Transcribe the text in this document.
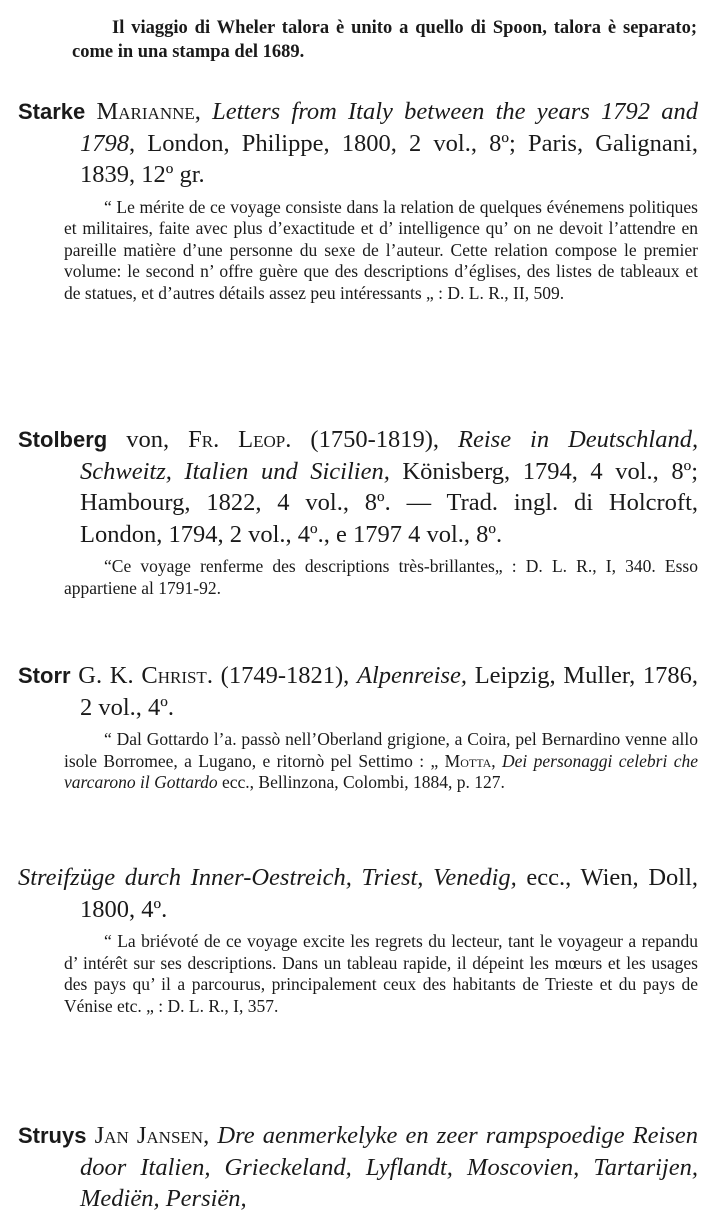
Il viaggio di Wheler talora è unito a quello di Spoon, talora è separato; come in una stampa del 1689.
Starke Marianne, Letters from Italy between the years 1792 and 1798, London, Philippe, 1800, 2 vol., 8º; Paris, Galignani, 1839, 12º gr.
“ Le mérite de ce voyage consiste dans la relation de quelques événemens politiques et militaires, faite avec plus d’exactitude et d’ intelligence qu’ on ne devoit l’attendre en pareille matière d’une personne du sexe de l’auteur. Cette relation compose le premier volume: le second n’ offre guère que des descriptions d’églises, des listes de tableaux et de statues, et d’autres détails assez peu intéressants „ : D. L. R., II, 509.
Stolberg von, Fr. Leop. (1750-1819), Reise in Deutschland, Schweitz, Italien und Sicilien, Könisberg, 1794, 4 vol., 8º; Hambourg, 1822, 4 vol., 8º. — Trad. ingl. di Holcroft, London, 1794, 2 vol., 4º., e 1797 4 vol., 8º.
“Ce voyage renferme des descriptions très-brillantes„ : D. L. R., I, 340. Esso appartiene al 1791-92.
Storr G. K. Christ. (1749-1821), Alpenreise, Leipzig, Muller, 1786, 2 vol., 4º.
“ Dal Gottardo l’a. passò nell’Oberland grigione, a Coira, pel Bernardino venne allo isole Borromee, a Lugano, e ritornò pel Settimo : „ Motta, Dei personaggi celebri che varcarono il Gottardo ecc., Bellinzona, Colombi, 1884, p. 127.
Streifzüge durch Inner-Oestreich, Triest, Venedig, ecc., Wien, Doll, 1800, 4º.
“ La briévoté de ce voyage excite les regrets du lecteur, tant le voyageur a repandu d’ intérêt sur ses descriptions. Dans un tableau rapide, il dépeint les mœurs et les usages des pays qu’ il a parcourus, principalement ceux des habitants de Trieste et du pays de Vénise etc. „ : D. L. R., I, 357.
Struys Jan Jansen, Dre aenmerkelyke en zeer rampspoedige Reisen door Italien, Grieckeland, Lyflandt, Moscovien, Tartarijen, Mediën, Persiën,
